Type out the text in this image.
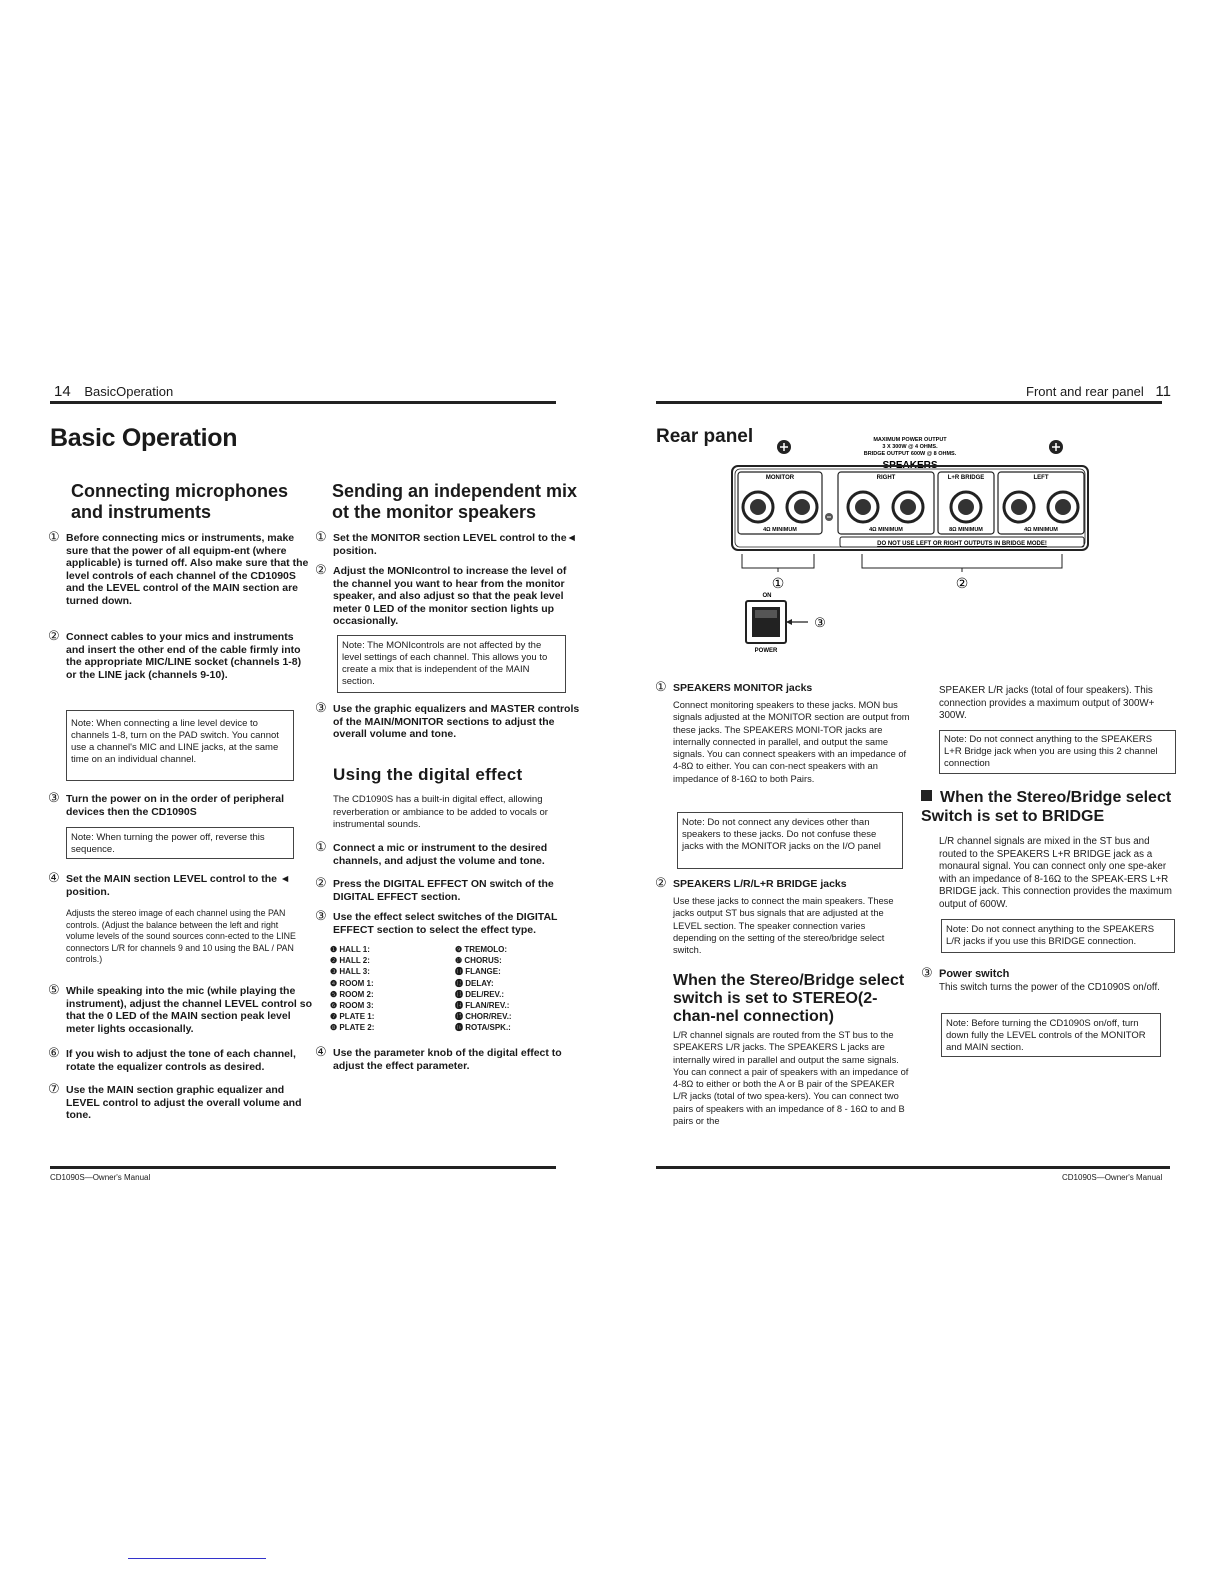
14 BasicOperation
Basic Operation
Connecting microphones and instruments
① Before connecting mics or instruments, make sure that the power of all equipm-ent (where applicable) is turned off. Also make sure that the level controls of each channel of the CD1090S and the LEVEL control of the MAIN section are turned down.
② Connect cables to your mics and instruments and insert the other end of the cable firmly into the appropriate MIC/LINE socket (channels 1-8) or the LINE jack (channels 9-10).
Note: When connecting a line level device to channels 1-8, turn on the PAD switch. You cannot use a channel's MIC and LINE jacks, at the same time on an individual channel.
③ Turn the power on in the order of peripheral devices then the CD1090S
Note: When turning the power off, reverse this sequence.
④ Set the MAIN section LEVEL control to the ◄ position.
Adjusts the stereo image of each channel using the PAN controls. (Adjust the balance between the left and right volume levels of the sound sources conn-ected to the LINE connectors L/R for channels 9 and 10 using the BAL / PAN controls.)
⑤ While speaking into the mic (while playing the instrument), adjust the channel LEVEL control so that the 0 LED of the MAIN section peak level meter lights occasionally.
⑥ If you wish to adjust the tone of each channel, rotate the equalizer controls as desired.
⑦ Use the MAIN section graphic equalizer and LEVEL control to adjust the overall volume and tone.
Sending an independent mix ot the monitor speakers
① Set the MONITOR section LEVEL control to the◄ position.
② Adjust the MONIcontrol to increase the level of the channel you want to hear from the monitor speaker, and also adjust so that the peak level meter 0 LED of the monitor section lights up occasionally.
Note: The MONIcontrols are not affected by the level settings of each channel. This allows you to create a mix that is independent of the MAIN section.
③ Use the graphic equalizers and MASTER controls of the MAIN/MONITOR sections to adjust the overall volume and tone.
Using the digital effect
The CD1090S has a built-in digital effect, allowing reverberation or ambiance to be added to vocals or instrumental sounds.
① Connect a mic or instrument to the desired channels, and adjust the volume and tone.
② Press the DIGITAL EFFECT ON switch of the DIGITAL EFFECT section.
③ Use the effect select switches of the DIGITAL EFFECT section to select the effect type.
❶ HALL 1:
❷ HALL 2:
❸ HALL 3:
❹ ROOM 1:
❺ ROOM 2:
❻ ROOM 3:
❼ PLATE 1:
❽ PLATE 2:
❾ TREMOLO:
❿ CHORUS:
⓫ FLANGE:
⓬ DELAY:
⓭ DEL/REV.:
⓮ FLAN/REV.:
⓯ CHOR/REV.:
⓰ ROTA/SPK.:
④ Use the parameter knob of the digital effect to adjust the effect parameter.
CD1090S—Owner's Manual
Front and rear panel 11
Rear panel	MAXIMUM POWER OUTPUT
3 X 300W @ 4 OHMS.
BRIDGE OUTPUT 600W @ 8 OHMS.
SPEAKERS
MONITOR
4Ω MINIMUM
RIGHT
4Ω MINIMUM
L+R BRIDGE
8Ω MINIMUM
LEFT
4Ω MINIMUM
DO NOT USE LEFT OR RIGHT OUTPUTS IN BRIDGE MODE!
①	②
ON
③
POWER
① SPEAKERS MONITOR jacks
Connect monitoring speakers to these jacks. MON bus signals adjusted at the MONITOR section are output from these jacks. The SPEAKERS MONI-TOR jacks are internally connected in parallel, and output the same signals. You can connect speakers with an impedance of 4-8Ω to either. You can con-nect speakers with an impedance of 8-16Ω to both Pairs.
Note: Do not connect any devices other than speakers to these jacks. Do not confuse these jacks with the MONITOR jacks on the I/O panel
② SPEAKERS L/R/L+R BRIDGE jacks
Use these jacks to connect the main speakers. These jacks output ST bus signals that are adjusted at the LEVEL section. The speaker connection varies depending on the setting of the stereo/bridge select switch.
When the Stereo/Bridge select switch is set to STEREO(2-chan-nel connection)
L/R channel signals are routed from the ST bus to the SPEAKERS L/R jacks. The SPEAKERS L jacks are internally wired in parallel and output the same signals. You can connect a pair of speakers with an impedance of 4-8Ω to either or both the A or B pair of the SPEAKER L/R jacks (total of two spea-kers). You can connect two pairs of speakers with an impedance of 8 - 16Ω to and B pairs or the
SPEAKER L/R jacks (total of four speakers). This connection provides a maximum output of 300W+ 300W.
Note: Do not connect anything to the SPEAKERS L+R Bridge jack when you are using this 2 channel connection
When the Stereo/Bridge select Switch is set to BRIDGE
L/R channel signals are mixed in the ST bus and routed to the SPEAKERS L+R BRIDGE jack as a monaural signal. You can connect only one spe-aker with an impedance of 8-16Ω to the SPEAK-ERS L+R BRIDGE jack. This connection provides the maximum output of 600W.
Note: Do not connect anything to the SPEAKERS L/R jacks if you use this BRIDGE connection.
③ Power switch
This switch turns the power of the CD1090S on/off.
Note: Before turning the CD1090S on/off, turn down fully the LEVEL controls of the MONITOR and MAIN section.
CD1090S—Owner's Manual
